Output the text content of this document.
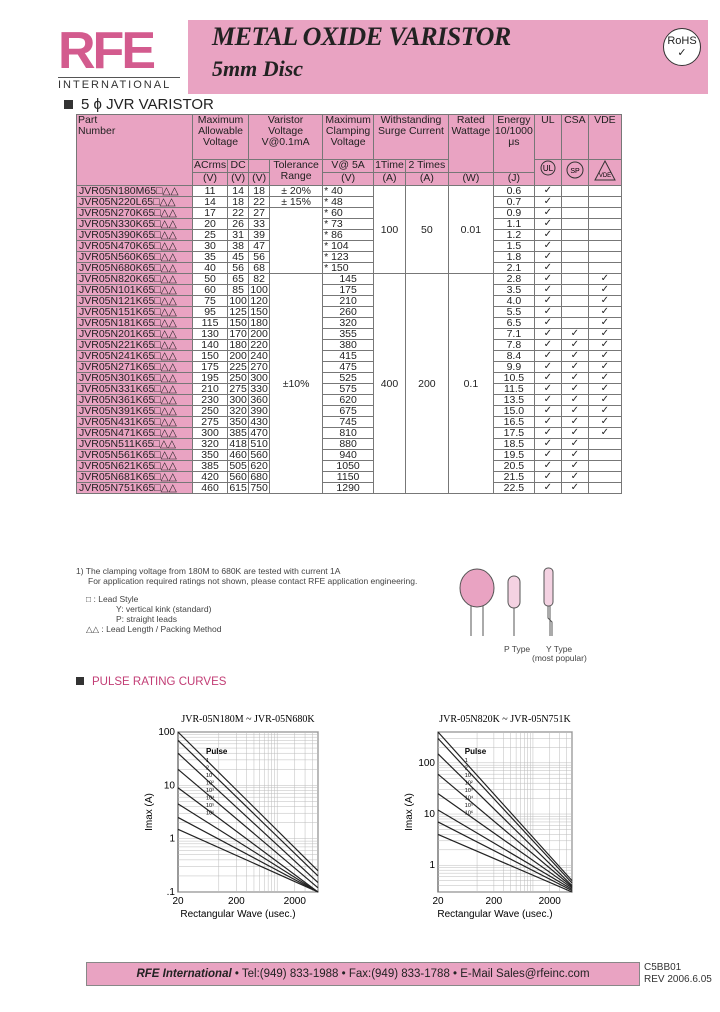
RFE
INTERNATIONAL
METAL OXIDE VARISTOR
5mm Disc
RoHS
✓
5 ϕ JVR VARISTOR
Part
Number	Maximum Allowable Voltage		Varistor Voltage V@0.1mA		Maximum Clamping Voltage	Withstanding Surge Current		Rated Wattage	Energy 10/1000 μs	UL	CSA	VDE
	ACrms	DC		Tolerance Range	V@ 5A	1Time	2 Times			UL	SP	VDE

	(V)	(V)	(V)		(V)	(A)	(A)	(W)	(J)			
JVR05N180M65□△△	11	14	18	± 20%	* 40	100	50	0.01	0.6	✓		
JVR05N220L65□△△	14	18	22	± 15%	* 48				0.7	✓		
JVR05N270K65□△△	17	22	27		* 60				0.9	✓		
JVR05N330K65□△△	20	26	33		* 73				1.1	✓		
JVR05N390K65□△△	25	31	39		* 86				1.2	✓		
JVR05N470K65□△△	30	38	47		* 104				1.5	✓		
JVR05N560K65□△△	35	45	56		* 123				1.8	✓		
JVR05N680K65□△△	40	56	68		* 150				2.1	✓		
JVR05N820K65□△△	50	65	82	±10%	145	400	200	0.1	2.8	✓		✓
JVR05N101K65□△△	60	85	100		175				3.5	✓		✓
JVR05N121K65□△△	75	100	120		210				4.0	✓		✓
JVR05N151K65□△△	95	125	150		260				5.5	✓		✓
JVR05N181K65□△△	115	150	180		320				6.5	✓		✓
JVR05N201K65□△△	130	170	200		355				7.1	✓	✓	✓
JVR05N221K65□△△	140	180	220		380				7.8	✓	✓	✓
JVR05N241K65□△△	150	200	240		415				8.4	✓	✓	✓
JVR05N271K65□△△	175	225	270		475				9.9	✓	✓	✓
JVR05N301K65□△△	195	250	300		525				10.5	✓	✓	✓
JVR05N331K65□△△	210	275	330		575				11.5	✓	✓	✓
JVR05N361K65□△△	230	300	360		620				13.5	✓	✓	✓
JVR05N391K65□△△	250	320	390		675				15.0	✓	✓	✓
JVR05N431K65□△△	275	350	430		745				16.5	✓	✓	✓
JVR05N471K65□△△	300	385	470		810				17.5	✓	✓	✓
JVR05N511K65□△△	320	418	510		880				18.5	✓	✓	
JVR05N561K65□△△	350	460	560		940				19.5	✓	✓	
JVR05N621K65□△△	385	505	620		1050				20.5	✓	✓	
JVR05N681K65□△△	420	560	680		1150				21.5	✓	✓	
JVR05N751K65□△△	460	615	750		1290				22.5	✓	✓	
1) The clamping voltage from 180M to 680K are tested with current 1A
For application required ratings not shown, please contact RFE application engineering.
□ : Lead Style
Y: vertical kink (standard)
P: straight leads
△△ : Lead Length / Packing Method
P Type Y Type
(most popular)
PULSE RATING CURVES
JVR-05N180M ~ JVR-05N680K
1
2
10
10²
10³
10⁴
10⁵
10⁶
Pulse
20	200	2000
100
10
1
.1
Rectangular Wave (usec.)
Imax (A)
JVR-05N820K ~ JVR-05N751K
1
2
10
10²
10³
10⁴
10⁵
10⁶
Pulse
20	200	2000
100
10
1
Rectangular Wave (usec.)
Imax (A)
RFE International • Tel:(949) 833-1988 • Fax:(949) 833-1788 • E-Mail Sales@rfeinc.com
C5BB01
REV 2006.6.05
